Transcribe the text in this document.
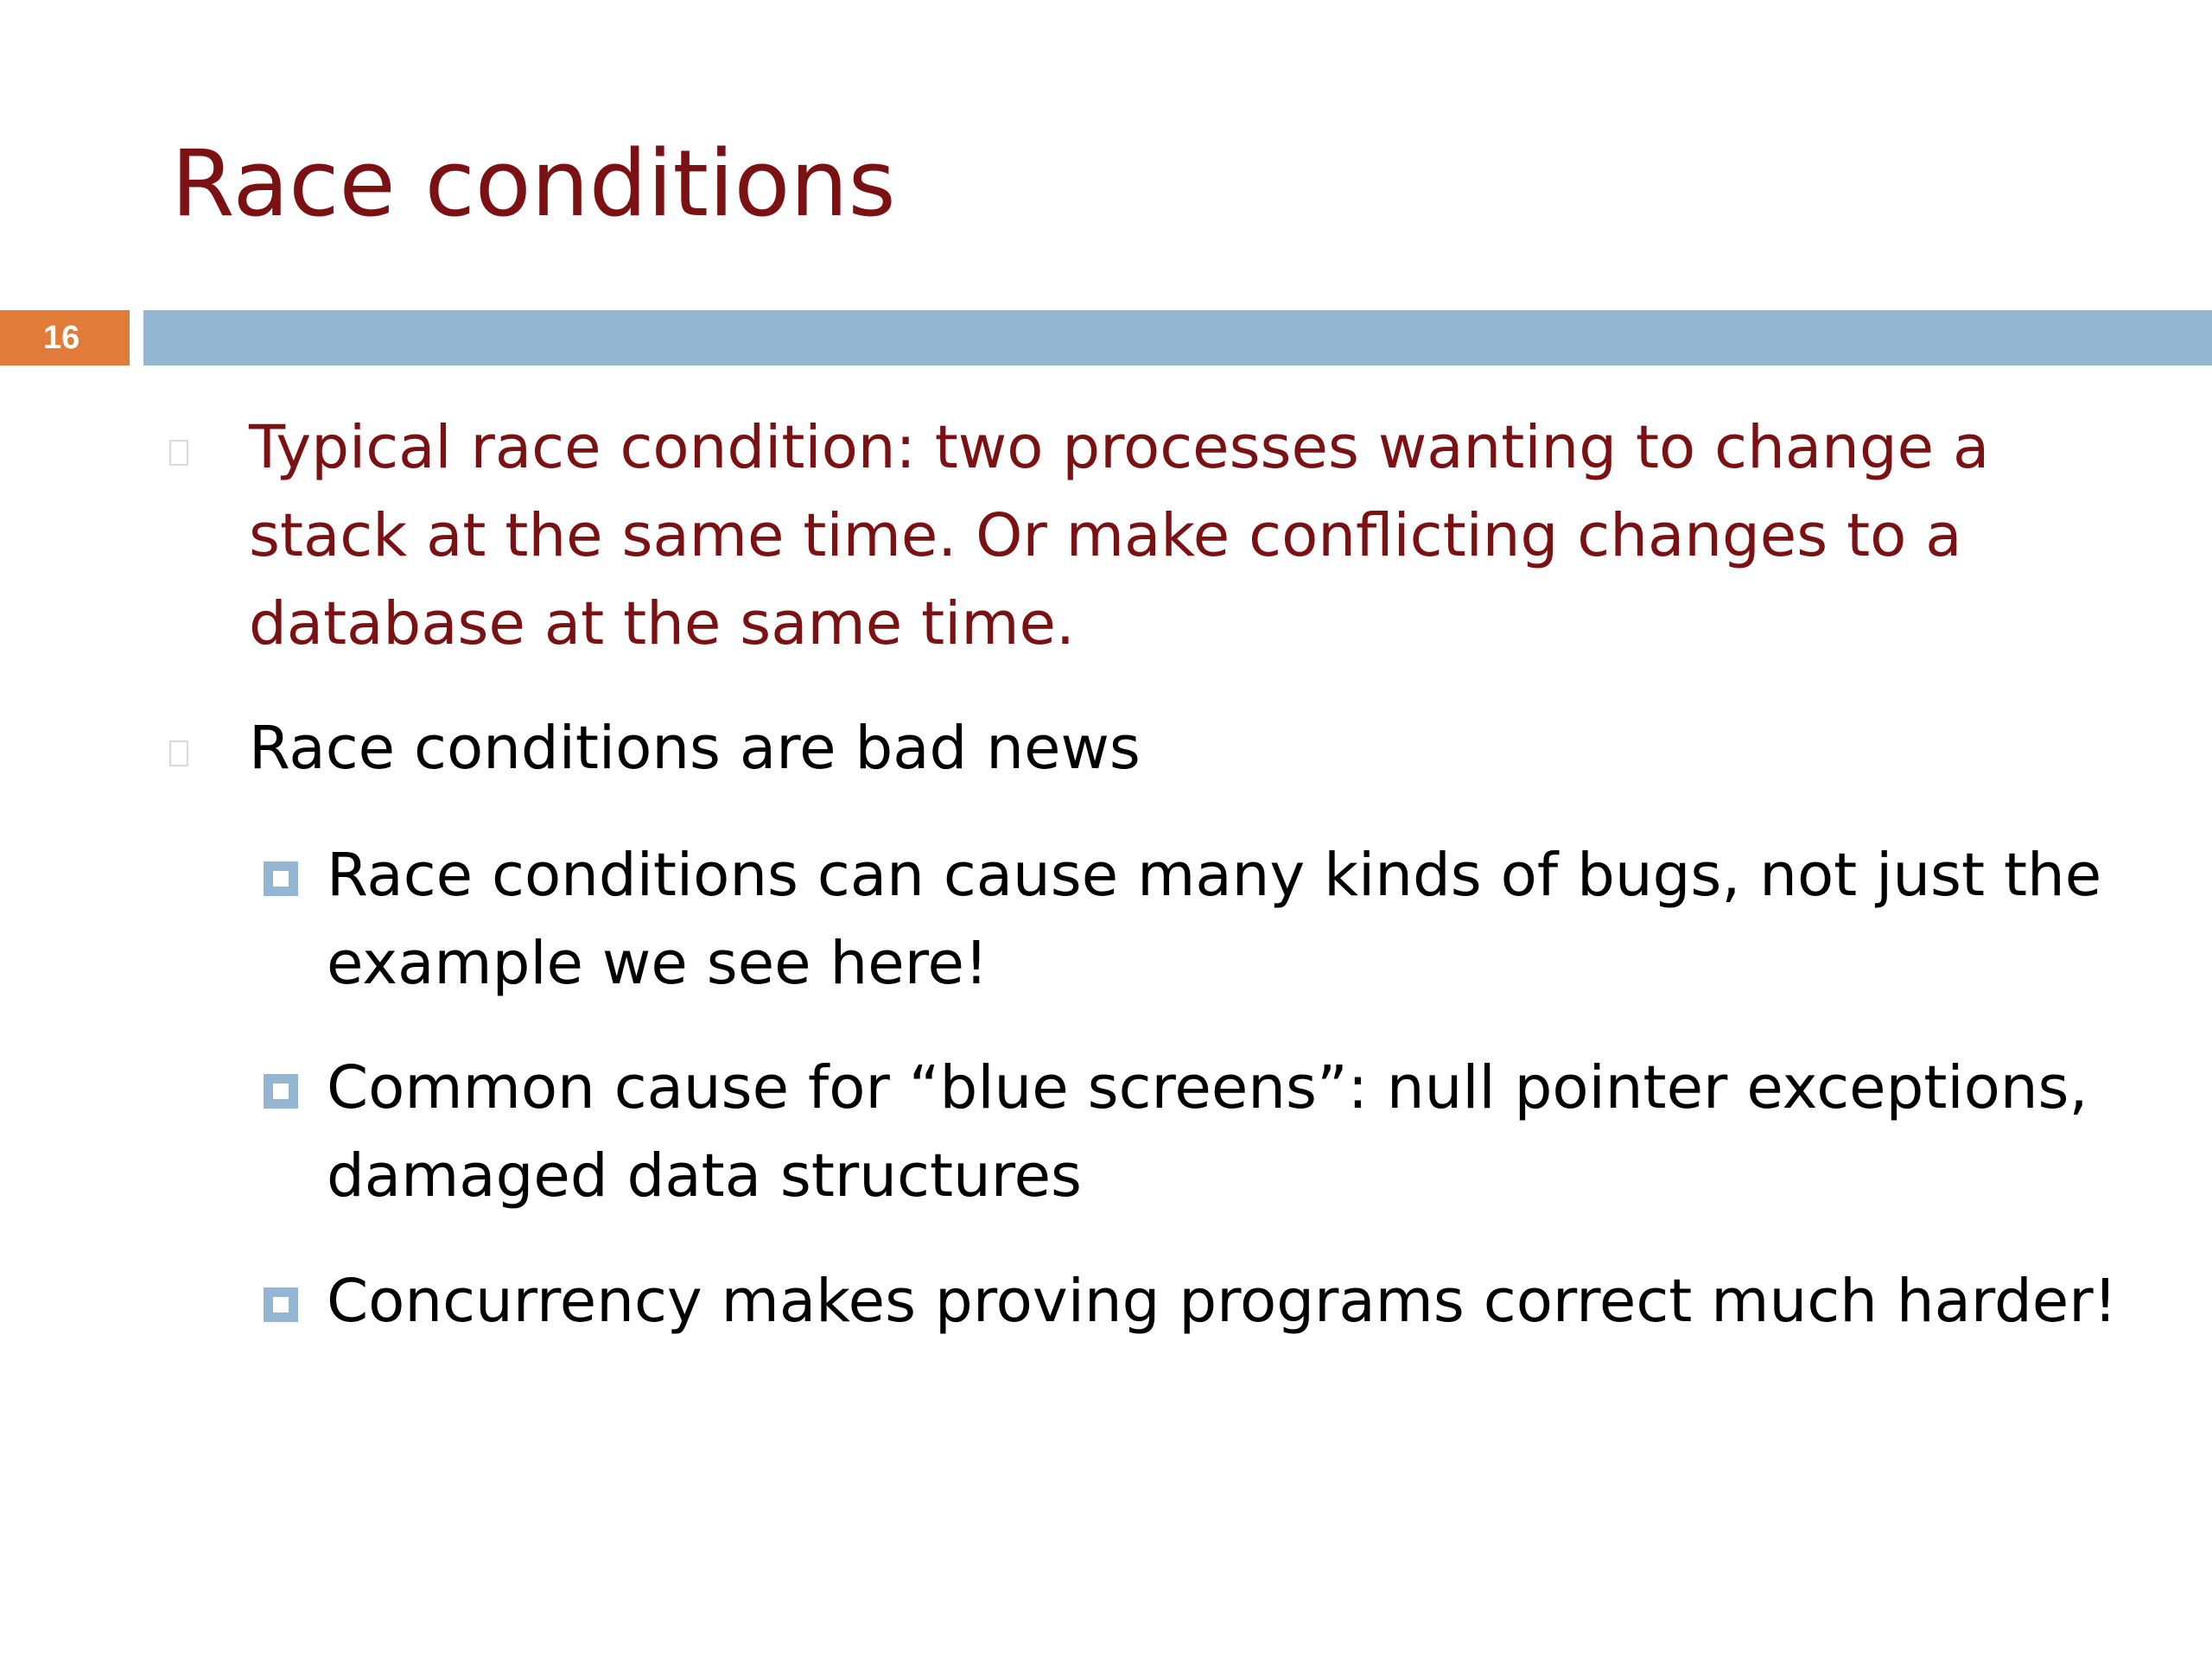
Race conditions
16

Typical race condition: two processes wanting to change a stack at the same time. Or make conflicting changes to a database at the same time.

Race conditions are bad news

Race conditions can cause many kinds of bugs, not just the example we see here!

Common cause for “blue screens”: null pointer exceptions, damaged data structures

Concurrency makes proving programs correct much harder!
